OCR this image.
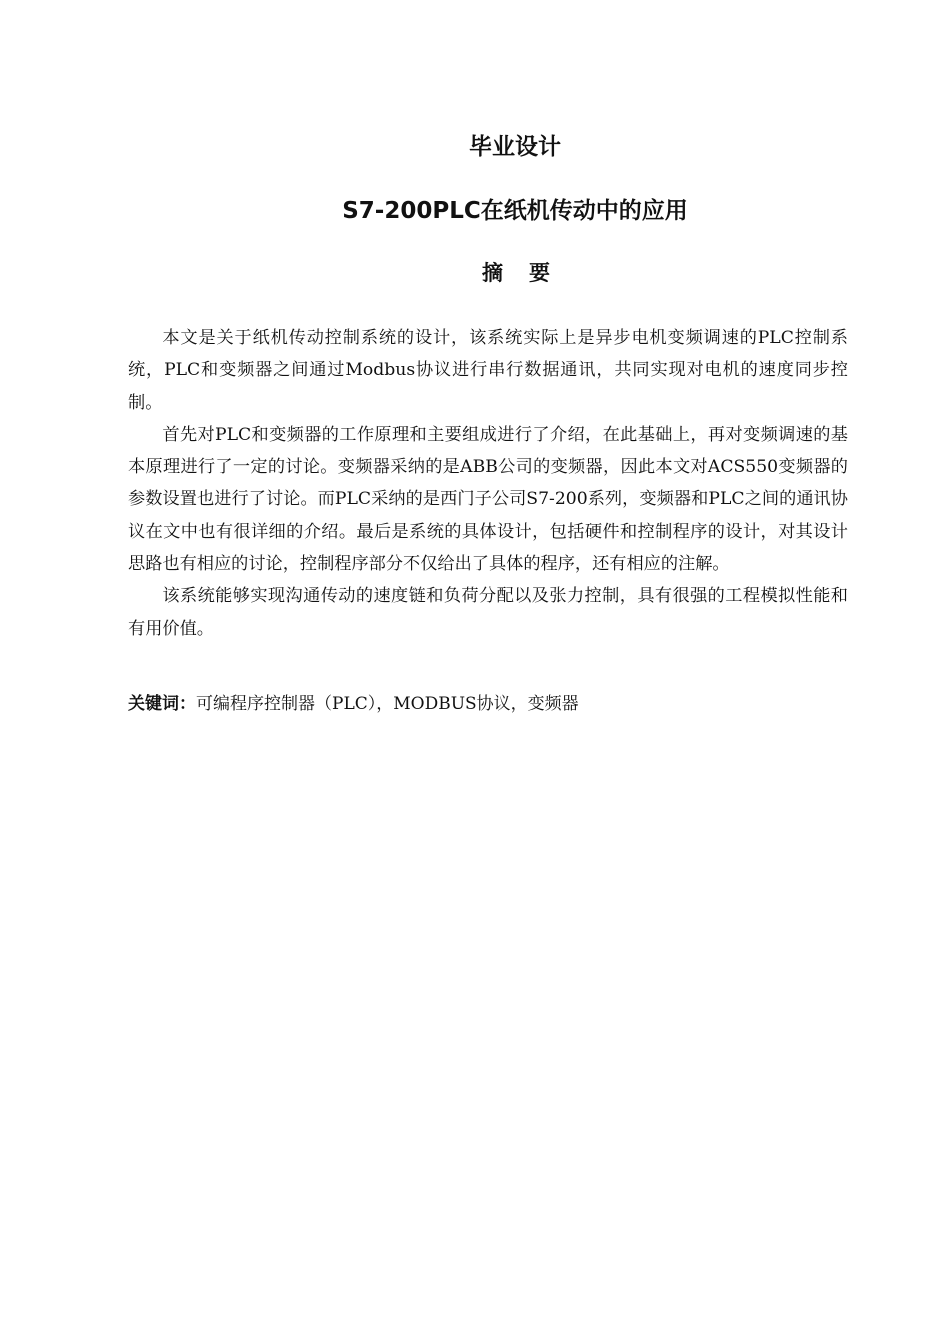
毕业设计
S7-200PLC在纸机传动中的应用
摘要

本文是关于纸机传动控制系统的设计，该系统实际上是异步电机变频调速的PLC控制系统，PLC和变频器之间通过Modbus协议进行串行数据通讯，共同实现对电机的速度同步控制。

首先对PLC和变频器的工作原理和主要组成进行了介绍，在此基础上，再对变频调速的基本原理进行了一定的讨论。变频器采纳的是ABB公司的变频器，因此本文对ACS550变频器的参数设置也进行了讨论。而PLC采纳的是西门子公司S7-200系列，变频器和PLC之间的通讯协议在文中也有很详细的介绍。最后是系统的具体设计，包括硬件和控制程序的设计，对其设计思路也有相应的讨论，控制程序部分不仅给出了具体的程序，还有相应的注解。

该系统能够实现沟通传动的速度链和负荷分配以及张力控制，具有很强的工程模拟性能和有用价值。

关键词：可编程序控制器（PLC），MODBUS协议，变频器
